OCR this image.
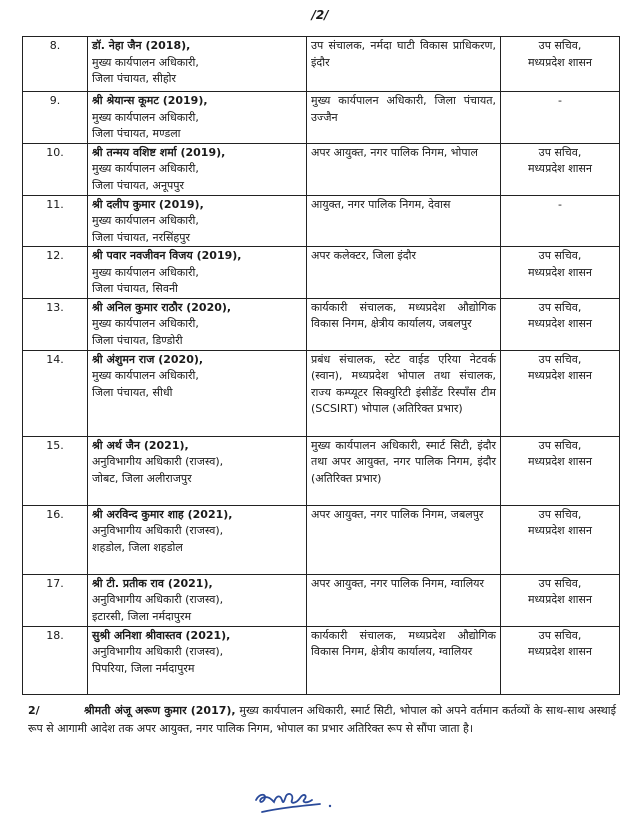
/2/
8.	डॉ. नेहा जैन (2018),
मुख्य कार्यपालन अधिकारी,
जिला पंचायत, सीहोर	उप संचालक, नर्मदा घाटी विकास प्राधिकरण, इंदौर	उप सचिव,
मध्यप्रदेश शासन

9.	श्री श्रेयान्स कूमट (2019),
मुख्य कार्यपालन अधिकारी,
जिला पंचायत, मण्डला	मुख्य कार्यपालन अधिकारी, जिला पंचायत, उज्जैन	-

10.	श्री तन्मय वशिष्ट शर्मा (2019),
मुख्य कार्यपालन अधिकारी,
जिला पंचायत, अनूपपुर	अपर आयुक्त, नगर पालिक निगम, भोपाल	उप सचिव,
मध्यप्रदेश शासन

11.	श्री दलीप कुमार (2019),
मुख्य कार्यपालन अधिकारी,
जिला पंचायत, नरसिंहपुर	आयुक्त, नगर पालिक निगम, देवास	-

12.	श्री पवार नवजीवन विजय (2019),
मुख्य कार्यपालन अधिकारी,
जिला पंचायत, सिवनी	अपर कलेक्टर, जिला इंदौर	उप सचिव,
मध्यप्रदेश शासन

13.	श्री अनिल कुमार राठौर (2020),
मुख्य कार्यपालन अधिकारी,
जिला पंचायत, डिण्डोरी	कार्यकारी संचालक, मध्यप्रदेश औद्योगिक विकास निगम, क्षेत्रीय कार्यालय, जबलपुर	उप सचिव,
मध्यप्रदेश शासन

14.	श्री अंशुमन राज (2020),
मुख्य कार्यपालन अधिकारी,
जिला पंचायत, सीधी	प्रबंध संचालक, स्टेट वाईड एरिया नेटवर्क (स्वान), मध्यप्रदेश भोपाल तथा संचालक, राज्य कम्प्यूटर सिक्युरिटी इंसीडेंट रिस्पाँस टीम (SCSIRT) भोपाल (अतिरिक्त प्रभार)	उप सचिव,
मध्यप्रदेश शासन

15.	श्री अर्थ जैन (2021),
अनुविभागीय अधिकारी (राजस्व),
जोबट, जिला अलीराजपुर	मुख्य कार्यपालन अधिकारी, स्मार्ट सिटी, इंदौर तथा अपर आयुक्त, नगर पालिक निगम, इंदौर (अतिरिक्त प्रभार)	उप सचिव,
मध्यप्रदेश शासन

16.	श्री अरविन्द कुमार शाह (2021),
अनुविभागीय अधिकारी (राजस्व),
शहडोल, जिला शहडोल	अपर आयुक्त, नगर पालिक निगम, जबलपुर	उप सचिव,
मध्यप्रदेश शासन

17.	श्री टी. प्रतीक राव (2021),
अनुविभागीय अधिकारी (राजस्व),
इटारसी, जिला नर्मदापुरम	अपर आयुक्त, नगर पालिक निगम, ग्वालियर	उप सचिव,
मध्यप्रदेश शासन

18.	सुश्री अनिशा श्रीवास्तव (2021),
अनुविभागीय अधिकारी (राजस्व),
पिपरिया, जिला नर्मदापुरम	कार्यकारी संचालक, मध्यप्रदेश औद्योगिक विकास निगम, क्षेत्रीय कार्यालय, ग्वालियर	उप सचिव,
मध्यप्रदेश शासन
2/	श्रीमती अंजू अरूण कुमार (2017), मुख्य कार्यपालन अधिकारी, स्मार्ट सिटी, भोपाल को अपने वर्तमान कर्तव्यों के साथ-साथ अस्थाई रूप से आगामी आदेश तक अपर आयुक्त, नगर पालिक निगम, भोपाल का प्रभार अतिरिक्त रूप से सौंपा जाता है।
